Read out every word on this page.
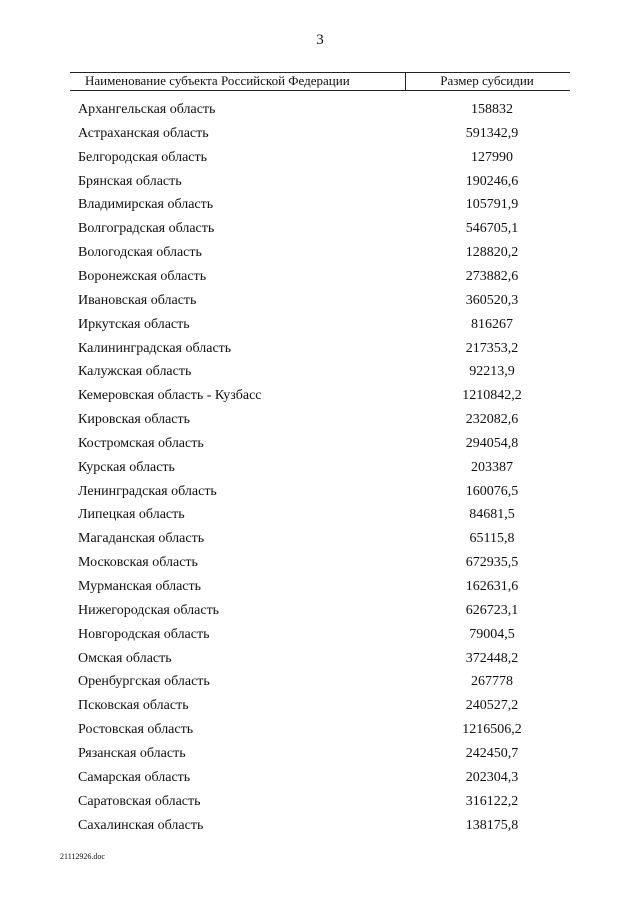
3
Наименование субъекта Российской Федерации	Размер субсидии
Архангельская область	158832
Астраханская область	591342,9
Белгородская область	127990
Брянская область	190246,6
Владимирская область	105791,9
Волгоградская область	546705,1
Вологодская область	128820,2
Воронежская область	273882,6
Ивановская область	360520,3
Иркутская область	816267
Калининградская область	217353,2
Калужская область	92213,9
Кемеровская область - Кузбасс	1210842,2
Кировская область	232082,6
Костромская область	294054,8
Курская область	203387
Ленинградская область	160076,5
Липецкая область	84681,5
Магаданская область	65115,8
Московская область	672935,5
Мурманская область	162631,6
Нижегородская область	626723,1
Новгородская область	79004,5
Омская область	372448,2
Оренбургская область	267778
Псковская область	240527,2
Ростовская область	1216506,2
Рязанская область	242450,7
Самарская область	202304,3
Саратовская область	316122,2
Сахалинская область	138175,8
21112926.doc
